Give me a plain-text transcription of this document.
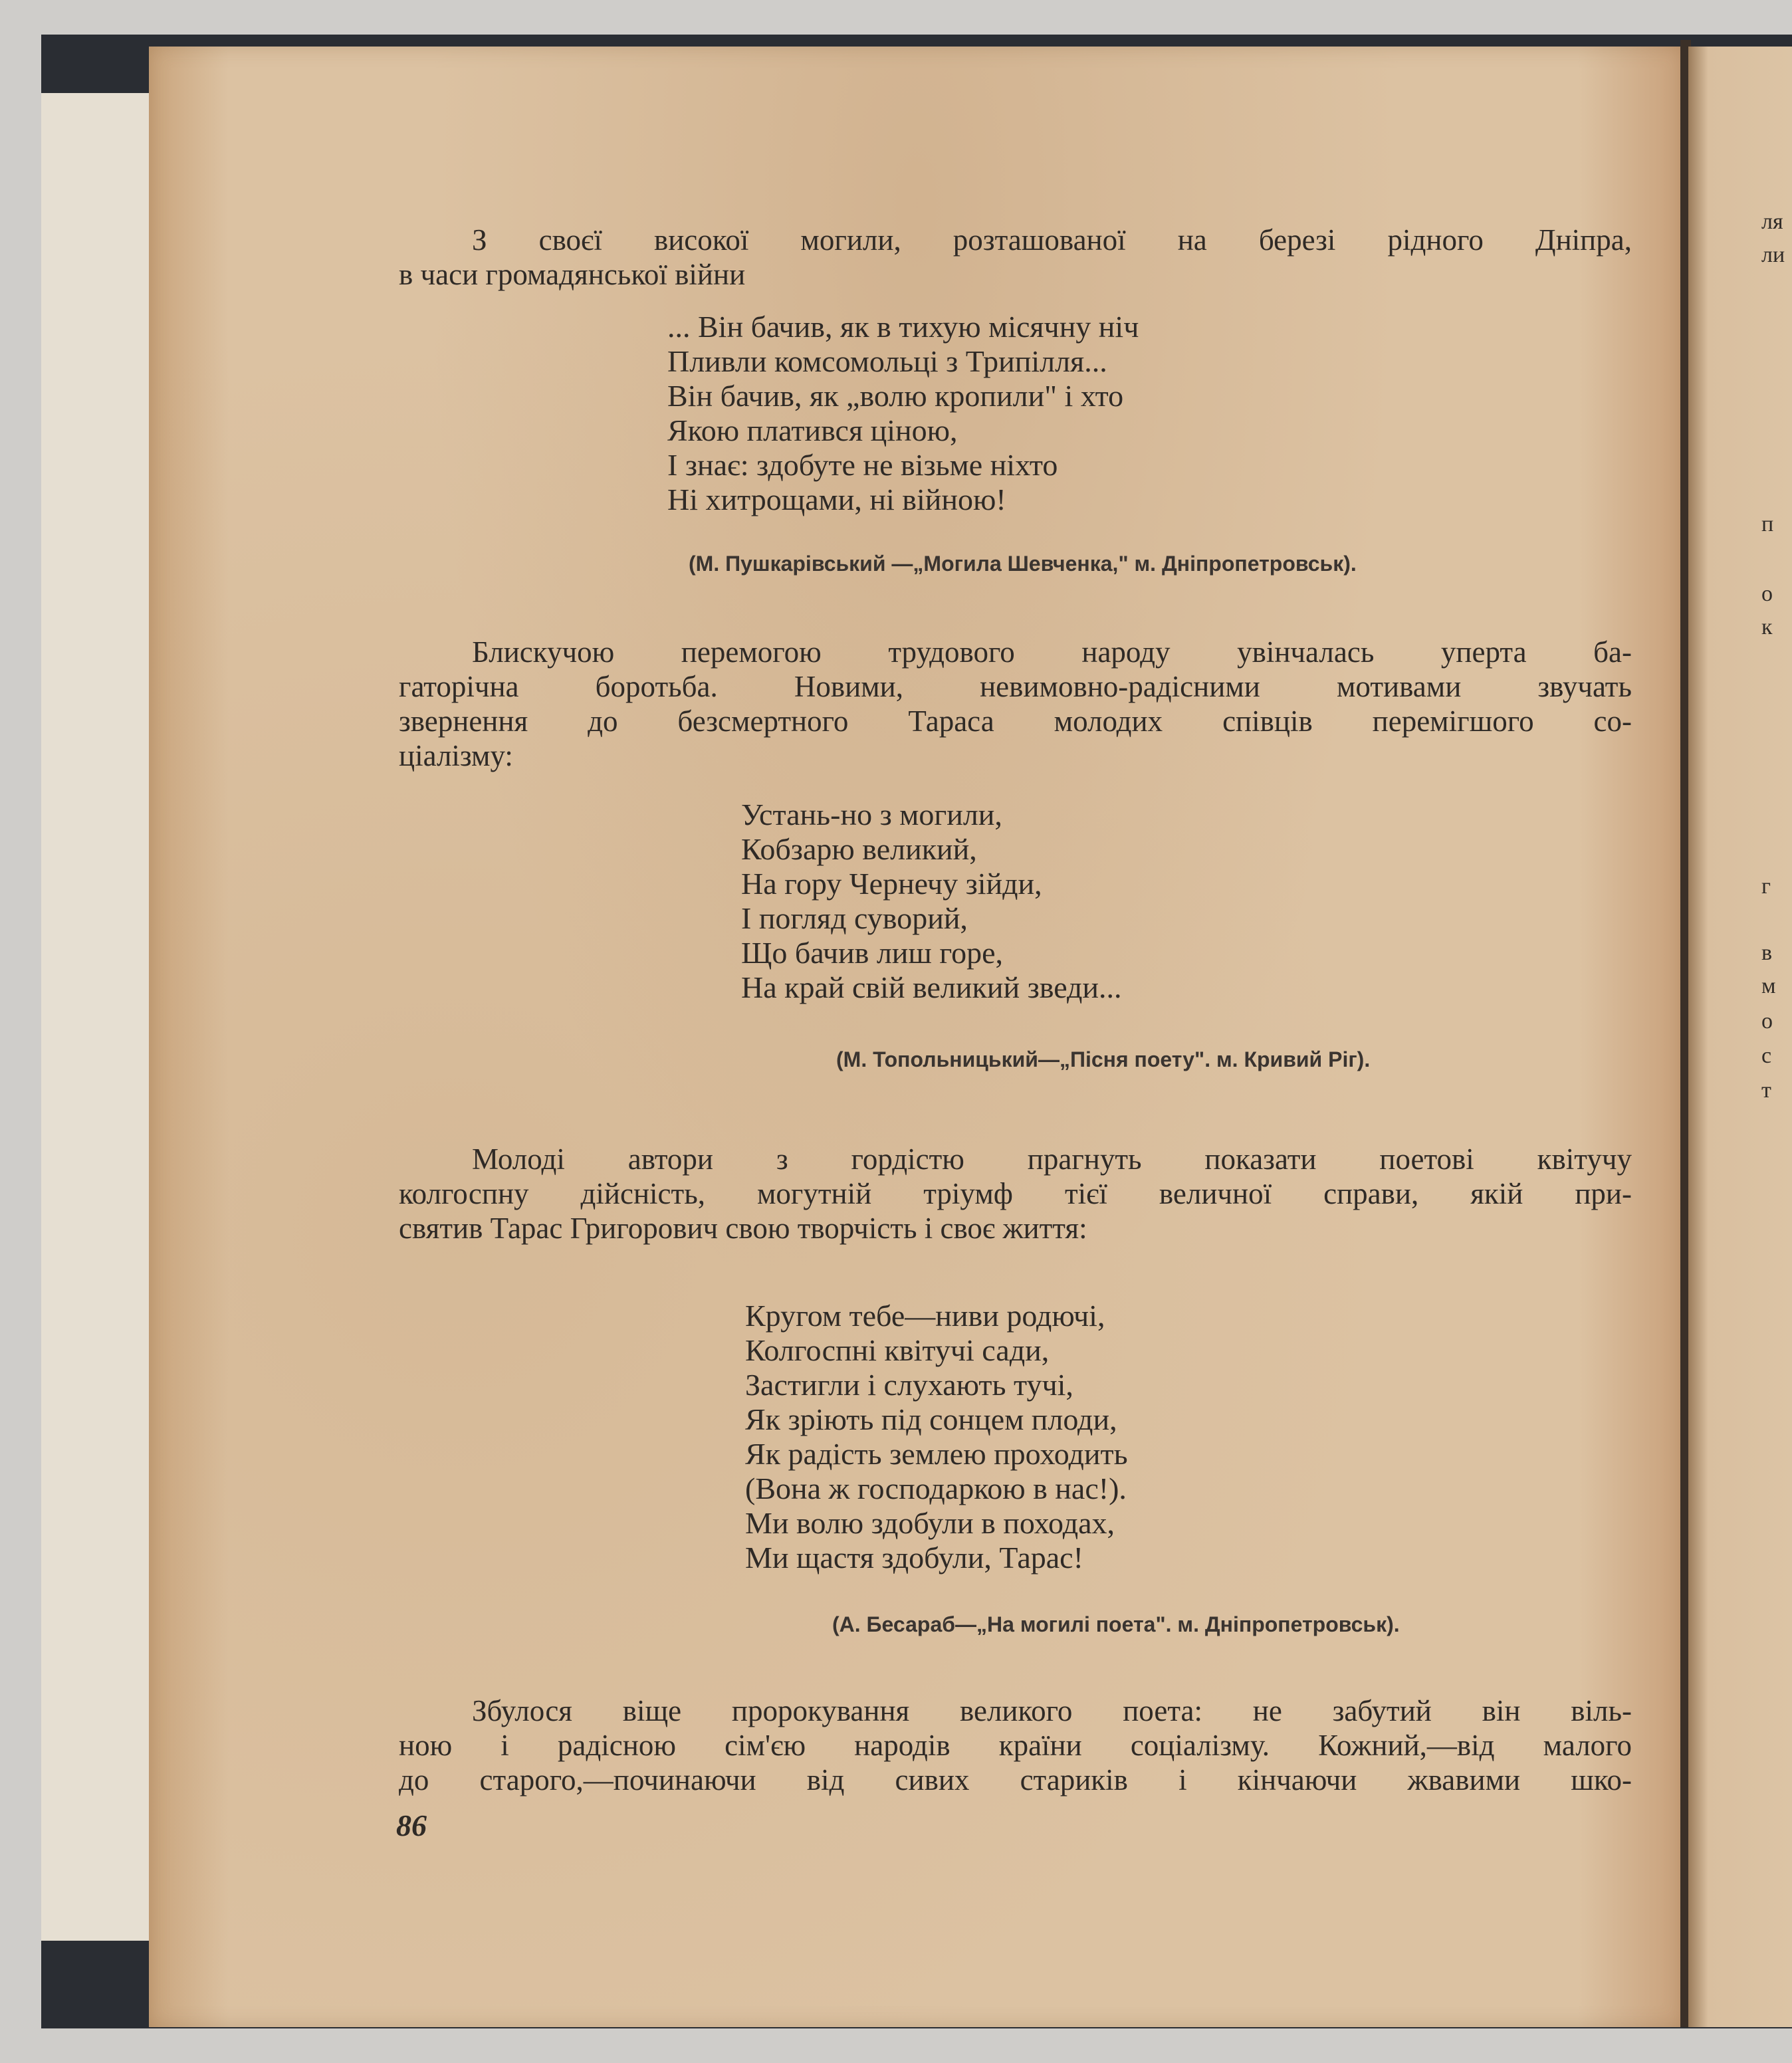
З своєї високої могили, розташованої на березі рідного Дніпра,
в часи громадянської війни
... Він бачив, як в тихую місячну ніч
Пливли комсомольці з Трипілля...
Він бачив, як „волю кропили" і хто
Якою платився ціною,
І знає: здобуте не візьме ніхто
Ні хитрощами, ні війною!
(М. Пушкарівський —„Могила Шевченка," м. Дніпропетровськ).
Блискучою перемогою трудового народу увінчалась уперта ба-
гаторічна боротьба. Новими, невимовно-радісними мотивами звучать
звернення до безсмертного Тараса молодих співців перемігшого со-
ціалізму:
Устань-но з могили,
Кобзарю великий,
На гору Чернечу зійди,
І погляд суворий,
Що бачив лиш горе,
На край свій великий зведи...
(М. Топольницький—„Пісня поету". м. Кривий Ріг).
Молоді автори з гордістю прагнуть показати поетові квітучу
колгоспну дійсність, могутній тріумф тієї величної справи, якій при-
святив Тарас Григорович свою творчість і своє життя:
Кругом тебе—ниви родючі,
Колгоспні квітучі сади,
Застигли і слухають тучі,
Як зріють під сонцем плоди,
Як радість землею проходить
(Вона ж господаркою в нас!).
Ми волю здобули в походах,
Ми щастя здобули, Тарас!
(А. Бесараб—„На могилі поета". м. Дніпропетровськ).
Збулося віще пророкування великого поета: не забутий він віль-
ною і радісною сім'єю народів країни соціалізму. Кожний,—від малого
до старого,—починаючи від сивих стариків і кінчаючи жвавими шко-
86
ля
ли
п
о
к
г
в
м
о
с
т
